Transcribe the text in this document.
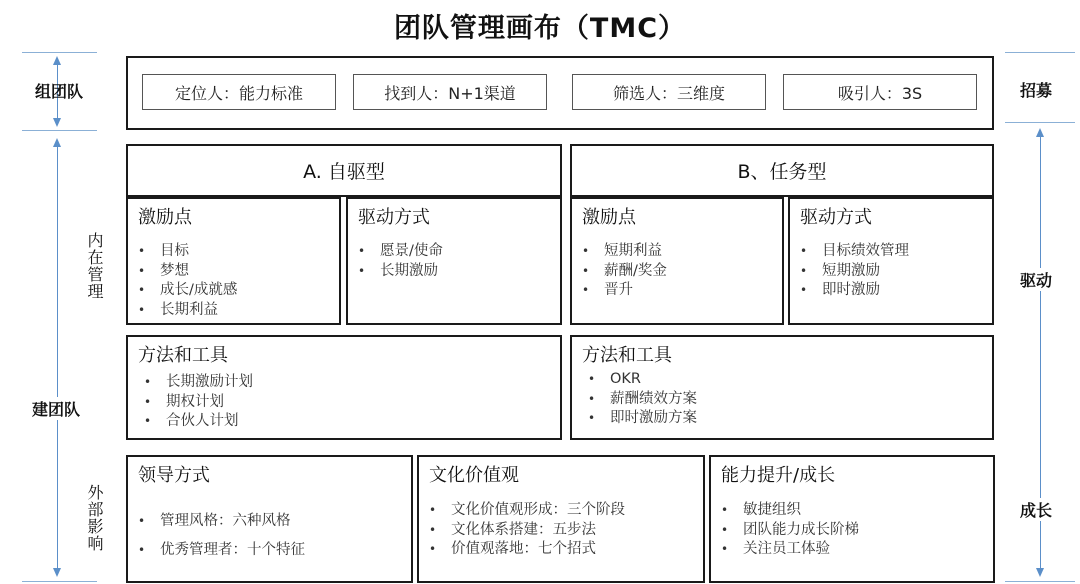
团队管理画布（TMC）
组团队
内在管理
建团队
外部影响
招募
驱动
成长
定位人：能力标准	找到人：N+1渠道	筛选人：三维度	吸引人：3S
A. 自驱型
激励点
• 目标
• 梦想
• 成长/成就感
• 长期利益
驱动方式
• 愿景/使命
• 长期激励
方法和工具
• 长期激励计划
• 期权计划
• 合伙人计划
B、任务型
激励点
• 短期利益
• 薪酬/奖金
• 晋升
驱动方式
• 目标绩效管理
• 短期激励
• 即时激励
方法和工具
• OKR
• 薪酬绩效方案
• 即时激励方案
领导方式
• 管理风格：六种风格
• 优秀管理者：十个特征
文化价值观
• 文化价值观形成：三个阶段
• 文化体系搭建：五步法
• 价值观落地：七个招式
能力提升/成长
• 敏捷组织
• 团队能力成长阶梯
• 关注员工体验
